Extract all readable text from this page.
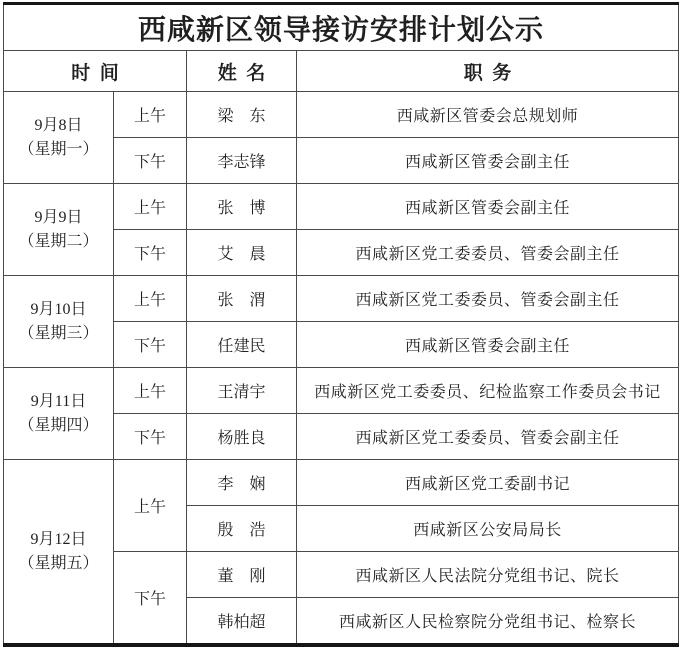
西咸新区领导接访安排计划公示			
时  间		姓  名	职  务

9月8日
（星期一）	上午	梁　东	西咸新区管委会总规划师
	下午	李志锋	西咸新区管委会副主任

9月9日
（星期二）	上午	张　博	西咸新区管委会副主任
	下午	艾　晨	西咸新区党工委委员、管委会副主任

9月10日
（星期三）	上午	张　渭	西咸新区党工委委员、管委会副主任
	下午	任建民	西咸新区管委会副主任

9月11日
（星期四）	上午	王清宇	西咸新区党工委委员、纪检监察工作委员会书记
	下午	杨胜良	西咸新区党工委委员、管委会副主任

9月12日
（星期五）	上午	李　娴	西咸新区党工委副书记
		殷　浩	西咸新区公安局局长
	下午	董　刚	西咸新区人民法院分党组书记、院长
		韩柏超	西咸新区人民检察院分党组书记、检察长
